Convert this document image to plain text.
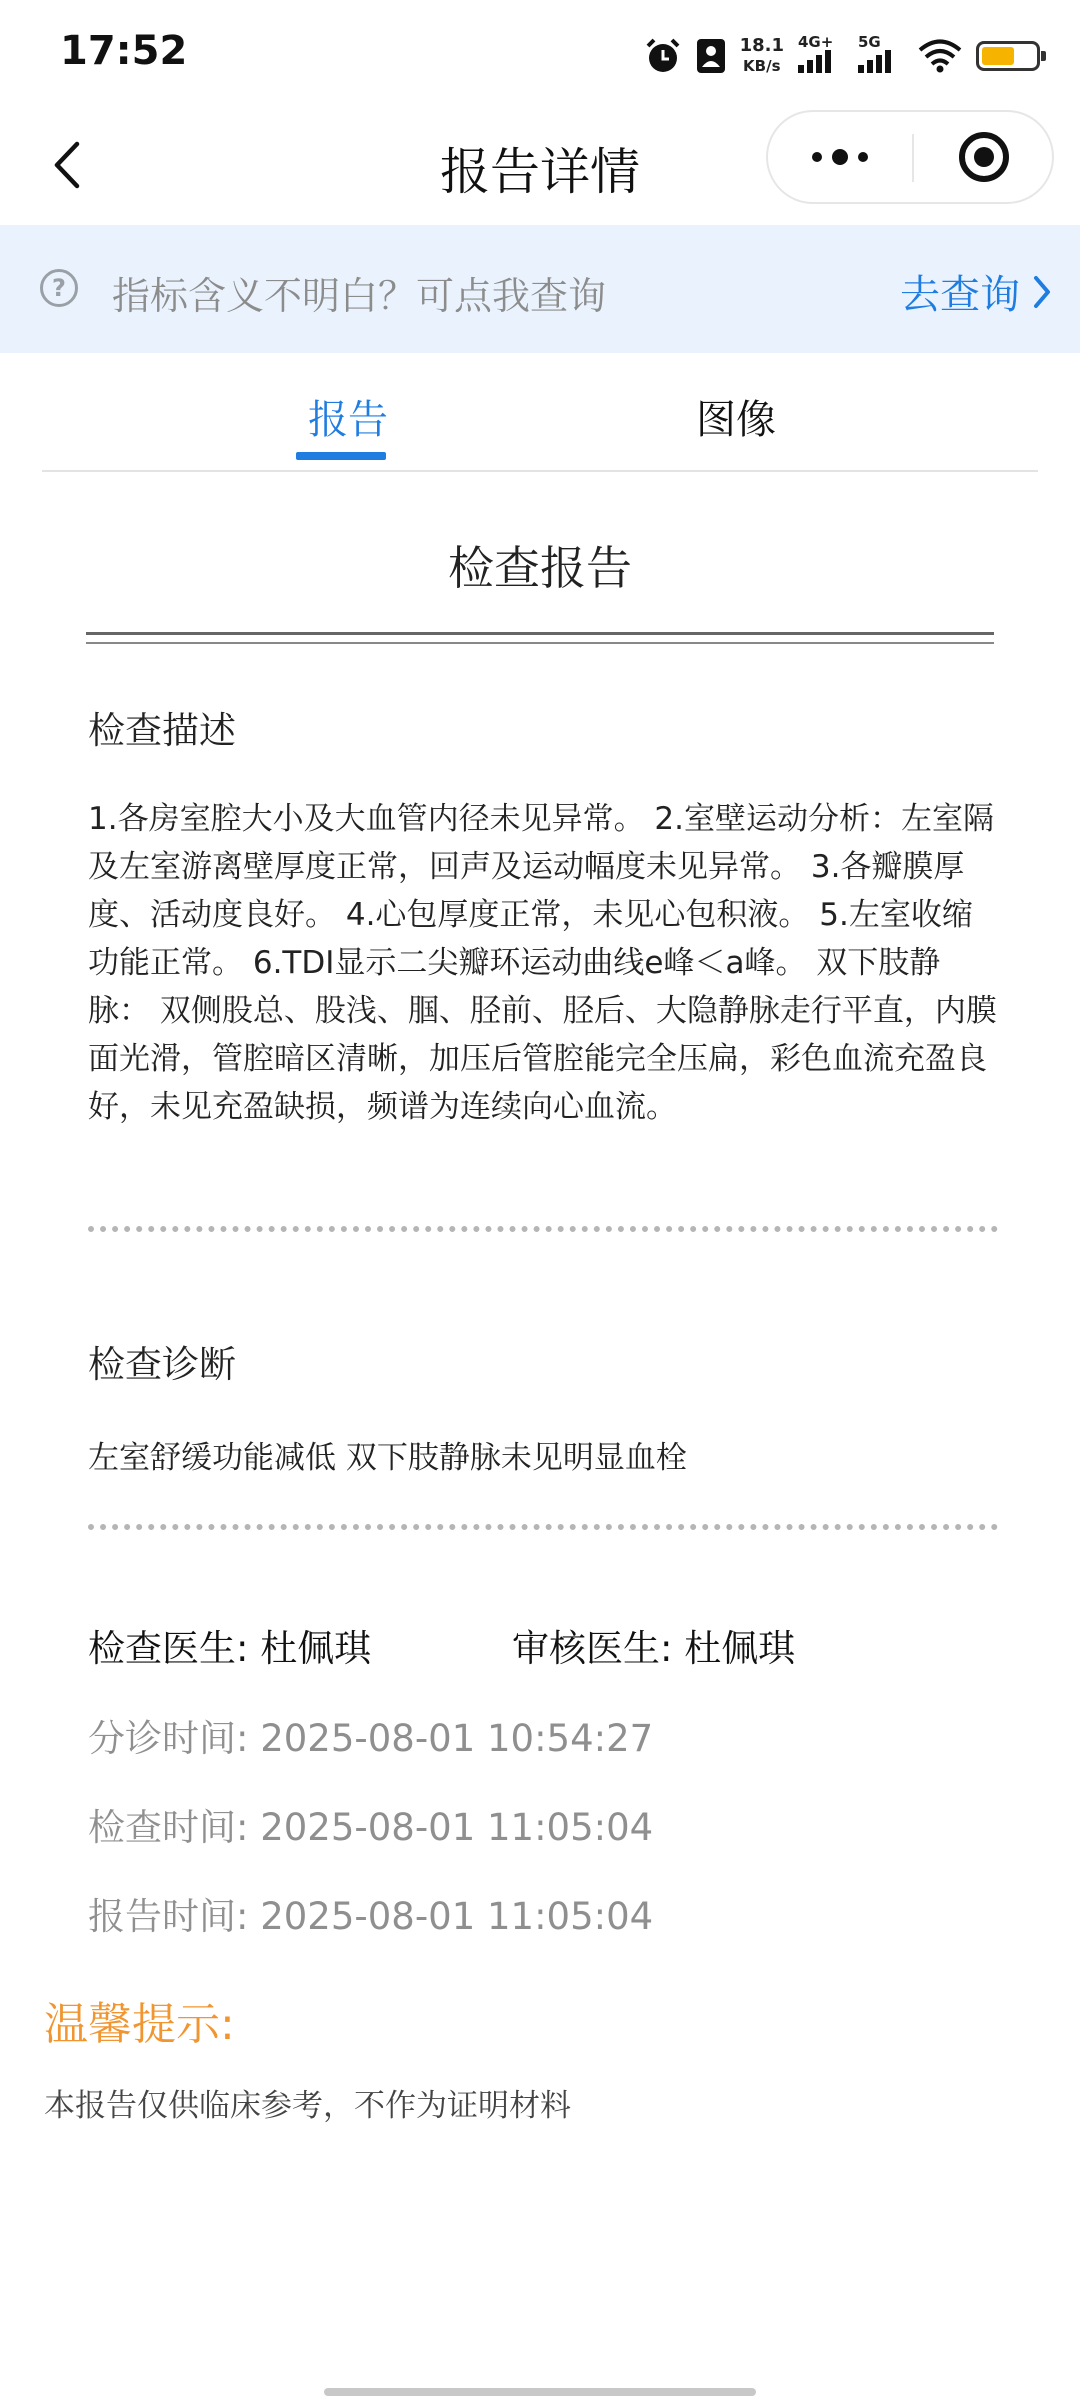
17:52	18.1
KB/s
4G+ 5G
报告详情
?	指标含义不明白？可点我查询	去查询
报告	图像
检查报告
检查描述
1.各房室腔大小及大血管内径未见异常。 2.室壁运动分析：左室隔及左室游离壁厚度正常，回声及运动幅度未见异常。 3.各瓣膜厚度、活动度良好。 4.心包厚度正常，未见心包积液。 5.左室收缩功能正常。 6.TDI显示二尖瓣环运动曲线e峰＜a峰。 双下肢静脉： 双侧股总、股浅、腘、胫前、胫后、大隐静脉走行平直，内膜面光滑，管腔暗区清晰，加压后管腔能完全压扁，彩色血流充盈良好，未见充盈缺损，频谱为连续向心血流。
检查诊断
左室舒缓功能减低 双下肢静脉未见明显血栓
检查医生: 杜佩琪	审核医生: 杜佩琪
分诊时间: 2025-08-01 10:54:27
检查时间: 2025-08-01 11:05:04
报告时间: 2025-08-01 11:05:04
温馨提示:
本报告仅供临床参考，不作为证明材料
